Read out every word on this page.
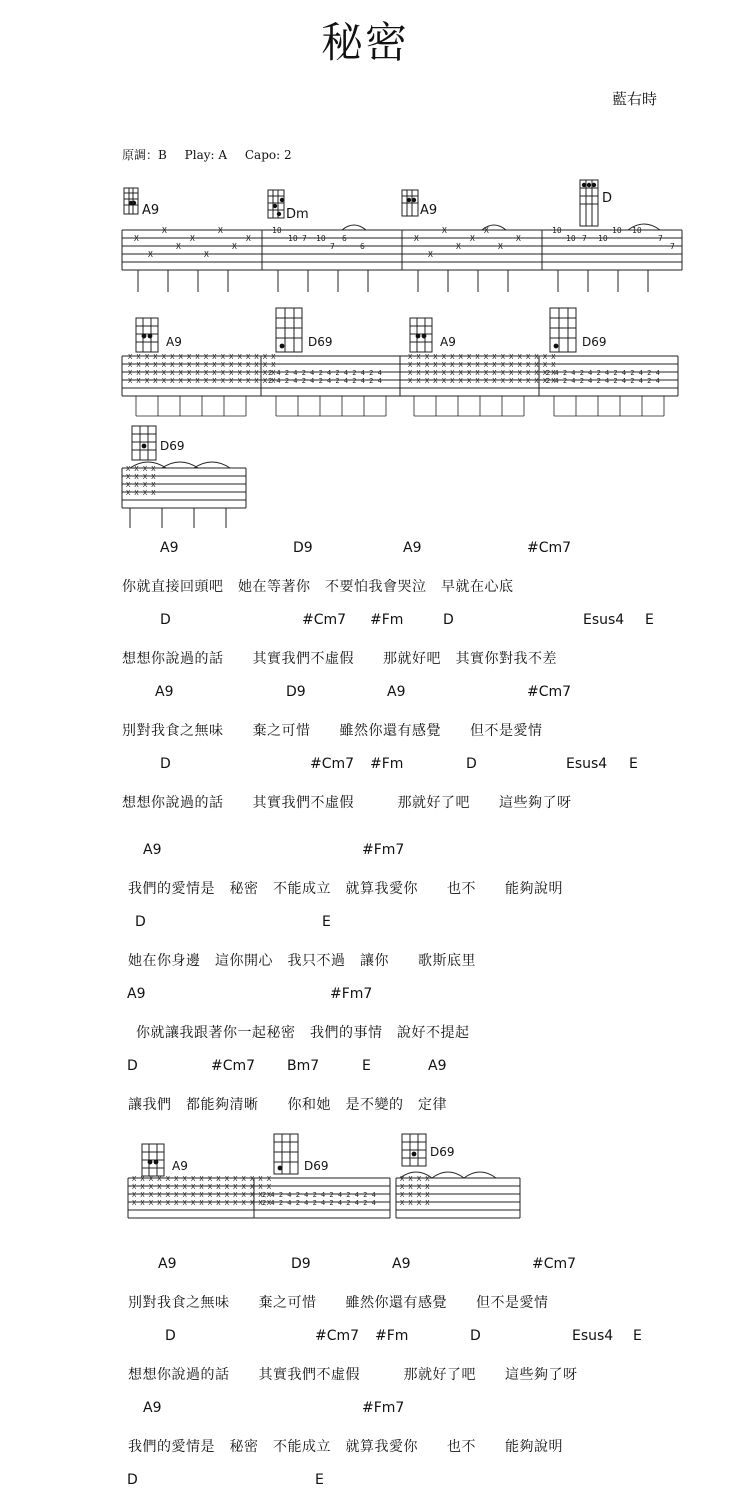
秘密
藍右時
原調：B Play: A Capo: 2
X
X
X
X
X
X
X
X
X
10
10 7 10
7
6
6
X
X
X
X
X
X
X
X
10
10 7 10
10 10
7
7
A9	Dm	A9
D
X X X X X X X X X X X X X X X X X X
X X X X X X X X X X X X X X X X X X
X X X X X X X X X X X X X X X X X X
X X X X X X X X X X X X X X X X X X
2 4 2 4 2 4 2 4 2 4 2 4 2 4
2 4 2 4 2 4 2 4 2 4 2 4 2 4
X X X X X X X X X X X X X X X X X X
X X X X X X X X X X X X X X X X X X
X X X X X X X X X X X X X X X X X X
X X X X X X X X X X X X X X X X X X
2 4 2 4 2 4 2 4 2 4 2 4 2 4
2 4 2 4 2 4 2 4 2 4 2 4 2 4
A9	D69	A9	D69
X X X X
X X X X
X X X X
X X X X
D69
X X X X X X X X X X X X X X X X X
X X X X X X X X X X X X X X X X X
X X X X X X X X X X X X X X X X X
X X X X X X X X X X X X X X X X X
2 4 2 4 2 4 2 4 2 4 2 4 2 4
2 4 2 4 2 4 2 4 2 4 2 4 2 4
X X X X
X X X X
X X X X
X X X X
A9	D69
D69
A9	D9	A9	#Cm7
你就直接回頭吧　她在等著你　不要怕我會哭泣　早就在心底
D	#Cm7 #Fm	D	Esus4 E
想想你說過的話　　其實我們不虛假　　那就好吧　其實你對我不差
A9	D9	A9	#Cm7
別對我食之無味　　棄之可惜　　雖然你還有感覺　　但不是愛情
D	#Cm7 #Fm	D	Esus4 E
想想你說過的話　　其實我們不虛假　　　那就好了吧　　這些夠了呀
A9	#Fm7
我們的愛情是　秘密　不能成立　就算我愛你　　也不　　能夠說明
D	E
她在你身邊　這你開心　我只不過　讓你　　歌斯底里
A9	#Fm7
你就讓我跟著你一起秘密　我們的事情　說好不提起
D	#Cm7 Bm7	E	A9
讓我們　都能夠清晰　　你和她　是不變的　定律
A9	D9	A9	#Cm7
別對我食之無味　　棄之可惜　　雖然你還有感覺　　但不是愛情
D	#Cm7 #Fm	D	Esus4 E
想想你說過的話　　其實我們不虛假　　　那就好了吧　　這些夠了呀
A9	#Fm7
我們的愛情是　秘密　不能成立　就算我愛你　　也不　　能夠說明
D	E
